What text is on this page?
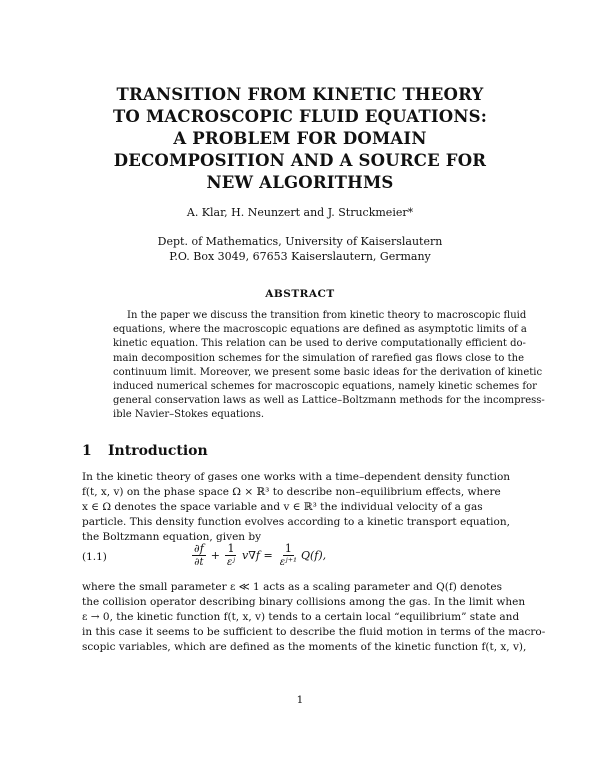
TRANSITION FROM KINETIC THEORY
TO MACROSCOPIC FLUID EQUATIONS:
A PROBLEM FOR DOMAIN
DECOMPOSITION AND A SOURCE FOR
NEW ALGORITHMS
A. Klar, H. Neunzert and J. Struckmeier*
Dept. of Mathematics, University of Kaiserslautern
P.O. Box 3049, 67653 Kaiserslautern, Germany
ABSTRACT
In the paper we discuss the transition from kinetic theory to macroscopic fluid
equations, where the macroscopic equations are defined as asymptotic limits of a
kinetic equation. This relation can be used to derive computationally efficient do-
main decomposition schemes for the simulation of rarefied gas flows close to the
continuum limit. Moreover, we present some basic ideas for the derivation of kinetic
induced numerical schemes for macroscopic equations, namely kinetic schemes for
general conservation laws as well as Lattice–Boltzmann methods for the incompress-
ible Navier–Stokes equations.
1 Introduction
In the kinetic theory of gases one works with a time–dependent density function
f(t, x, v) on the phase space Ω × ℝ³ to describe non–equilibrium effects, where
x ∈ Ω denotes the space variable and v ∈ ℝ³ the individual velocity of a gas
particle. This density function evolves according to a kinetic transport equation,
the Boltzmann equation, given by
(1.1)	$\frac{\partial f}{\partial t} + \frac{1}{\text{εʲ}} v\nabla f = \frac{1}{\text{εʲ⁺¹}} Q(f)$,
where the small parameter ε ≪ 1 acts as a scaling parameter and Q(f) denotes
the collision operator describing binary collisions among the gas. In the limit when
ε → 0, the kinetic function f(t, x, v) tends to a certain local “equilibrium” state and
in this case it seems to be sufficient to describe the fluid motion in terms of the macro-
scopic variables, which are defined as the moments of the kinetic function f(t, x, v),
1
